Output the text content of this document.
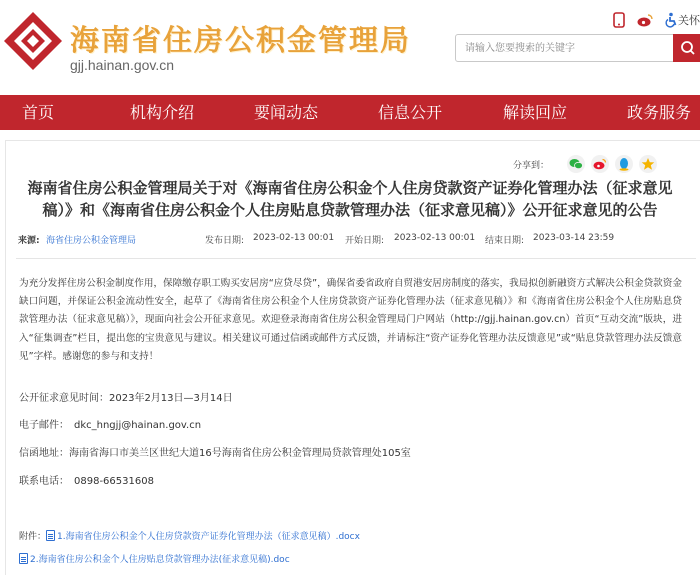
海南省住房公积金管理局
gjj.hainan.gov.cn
关怀
请输入您要搜索的关键字
首页	机构介绍	要闻动态	信息公开	解读回应	政务服务
分享到：
海南省住房公积金管理局关于对《海南省住房公积金个人住房贷款资产证券化管理办法（征求意见稿）》和《海南省住房公积金个人住房贴息贷款管理办法（征求意见稿）》公开征求意见的公告
来源: 海省住房公积金管理局	发布日期: 2023-02-13 00:01 开始日期: 2023-02-13 00:01 结束日期: 2023-03-14 23:59
为充分发挥住房公积金制度作用，保障缴存职工购买安居房“应贷尽贷”，确保省委省政府自贸港安居房制度的落实，我局拟创新融资方式解决公积金贷款资金缺口问题，并保证公积金流动性安全，起草了《海南省住房公积金个人住房贷款资产证券化管理办法（征求意见稿）》和《海南省住房公积金个人住房贴息贷款管理办法（征求意见稿）》，现面向社会公开征求意见。欢迎登录海南省住房公积金管理局门户网站（http://gjj.hainan.gov.cn）首页“互动交流”版块，进入“征集调查”栏目，提出您的宝贵意见与建议。相关建议可通过信函或邮件方式反馈，并请标注“资产证券化管理办法反馈意见”或“贴息贷款管理办法反馈意见”字样。感谢您的参与和支持！
公开征求意见时间：2023年2月13日—3月14日
电子邮件：　dkc_hngjj@hainan.gov.cn
信函地址：海南省海口市美兰区世纪大道16号海南省住房公积金管理局贷款管理处105室
联系电话：　0898-66531608
附件： 1.海南省住房公积金个人住房贷款资产证券化管理办法（征求意见稿）.docx
2.海南省住房公积金个人住房贴息贷款管理办法(征求意见稿).doc
